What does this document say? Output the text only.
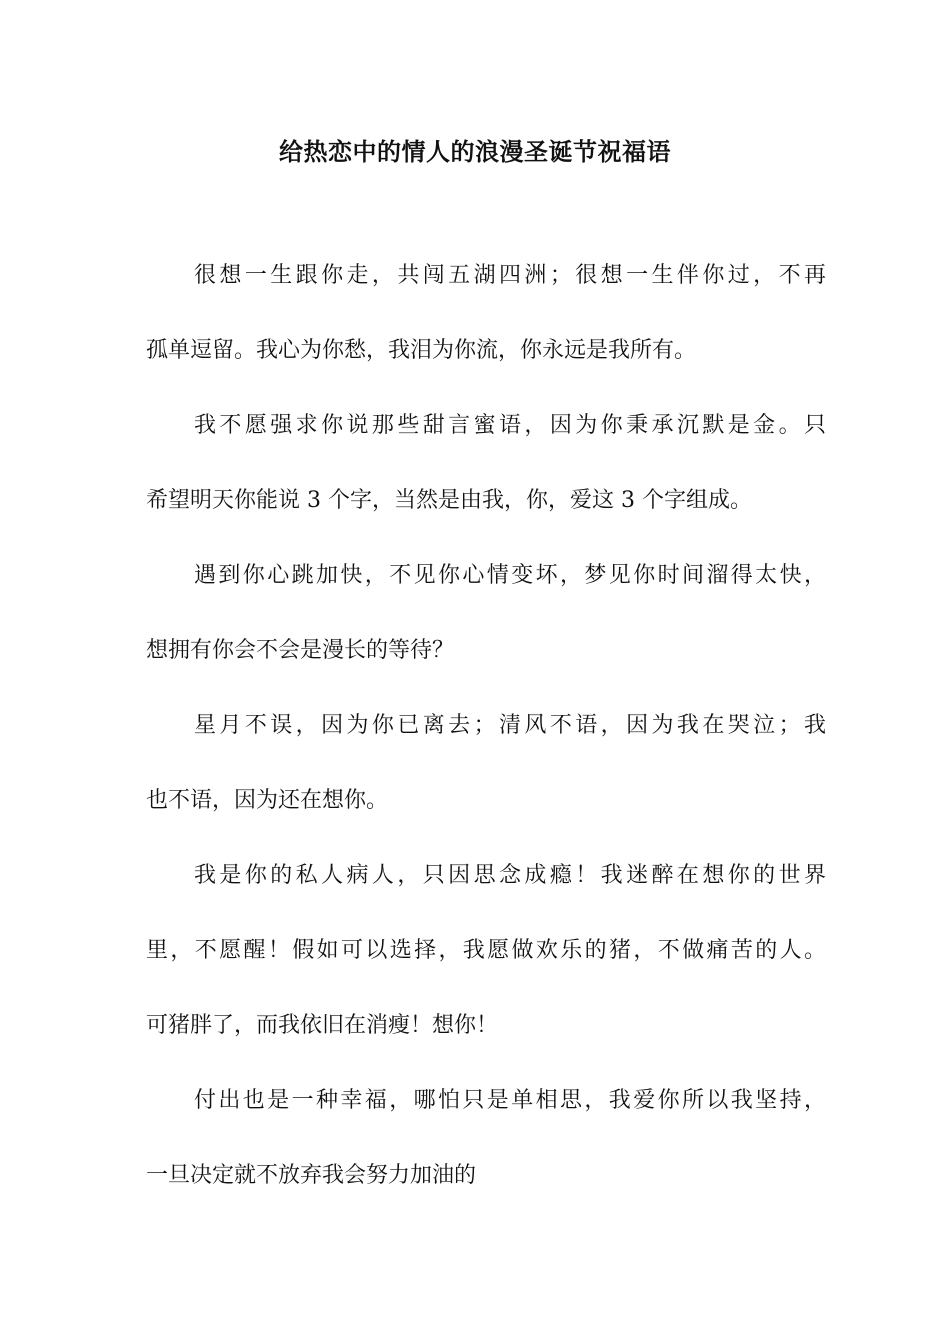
给热恋中的情人的浪漫圣诞节祝福语

很想一生跟你走，共闯五湖四洲；很想一生伴你过，不再

孤单逗留。我心为你愁，我泪为你流，你永远是我所有。

我不愿强求你说那些甜言蜜语，因为你秉承沉默是金。只

希望明天你能说 3 个字，当然是由我，你，爱这 3 个字组成。

遇到你心跳加快，不见你心情变坏，梦见你时间溜得太快，

想拥有你会不会是漫长的等待？

星月不误，因为你已离去；清风不语，因为我在哭泣；我

也不语，因为还在想你。

我是你的私人病人，只因思念成瘾！我迷醉在想你的世界

里，不愿醒！假如可以选择，我愿做欢乐的猪，不做痛苦的人。

可猪胖了，而我依旧在消瘦！想你！

付出也是一种幸福，哪怕只是单相思，我爱你所以我坚持，

一旦决定就不放弃我会努力加油的
